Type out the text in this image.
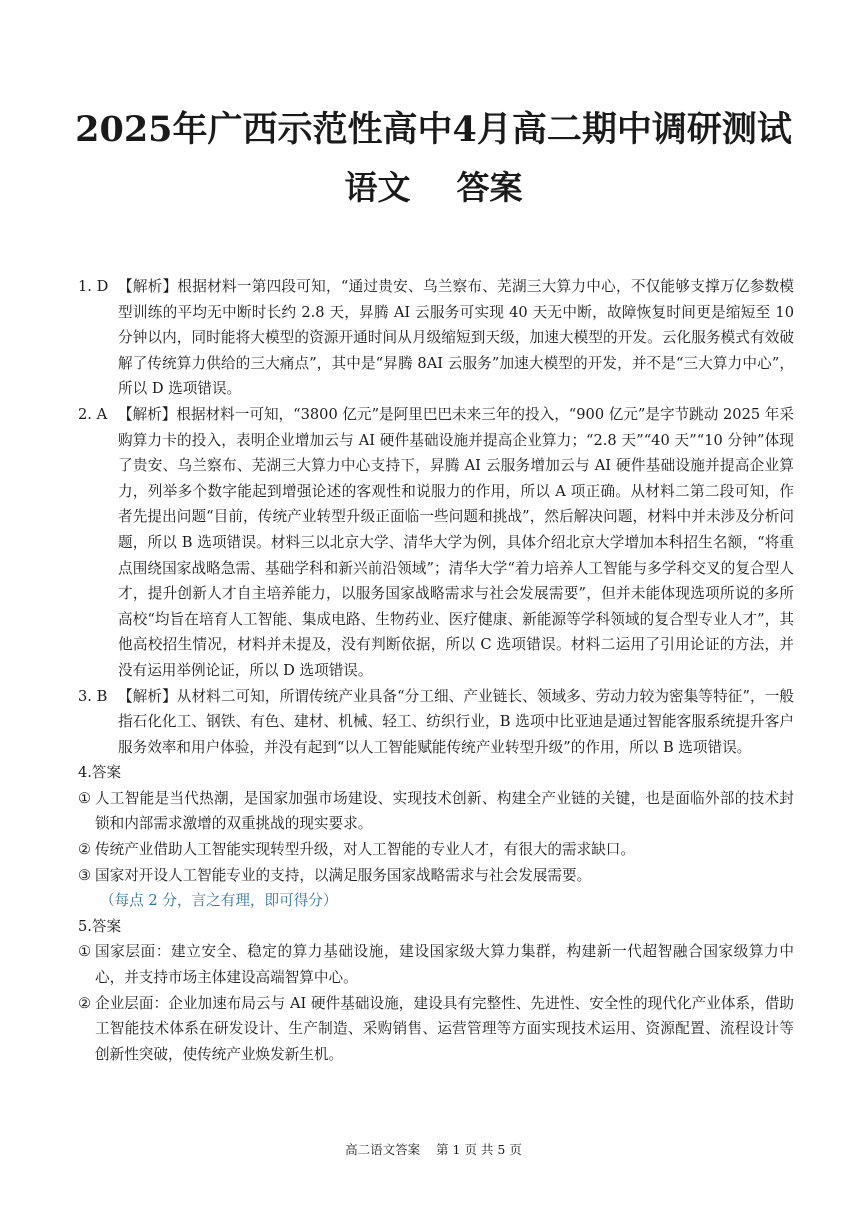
2025年广西示范性高中4月高二期中调研测试
语文    答案

1. D 【解析】根据材料一第四段可知，“通过贵安、乌兰察布、芜湖三大算力中心，不仅能够支撑万亿参数模型训练的平均无中断时长约 2.8 天，昇腾 AI 云服务可实现 40 天无中断，故障恢复时间更是缩短至 10 分钟以内，同时能将大模型的资源开通时间从月级缩短到天级，加速大模型的开发。云化服务模式有效破解了传统算力供给的三大痛点”，其中是“昇腾 8AI 云服务”加速大模型的开发，并不是“三大算力中心”，所以 D 选项错误。

2. A 【解析】根据材料一可知，“3800 亿元”是阿里巴巴未来三年的投入，“900 亿元”是字节跳动 2025 年采购算力卡的投入，表明企业增加云与 AI 硬件基础设施并提高企业算力；“2.8 天”“40 天”“10 分钟”体现了贵安、乌兰察布、芜湖三大算力中心支持下，昇腾 AI 云服务增加云与 AI 硬件基础设施并提高企业算力，列举多个数字能起到增强论述的客观性和说服力的作用，所以 A 项正确。从材料二第二段可知，作者先提出问题“目前，传统产业转型升级正面临一些问题和挑战”，然后解决问题，材料中并未涉及分析问题，所以 B 选项错误。材料三以北京大学、清华大学为例，具体介绍北京大学增加本科招生名额，“将重点围绕国家战略急需、基础学科和新兴前沿领域”；清华大学“着力培养人工智能与多学科交叉的复合型人才，提升创新人才自主培养能力，以服务国家战略需求与社会发展需要”，但并未能体现选项所说的多所高校“均旨在培育人工智能、集成电路、生物药业、医疗健康、新能源等学科领域的复合型专业人才”，其他高校招生情况，材料并未提及，没有判断依据，所以 C 选项错误。材料二运用了引用论证的方法，并没有运用举例论证，所以 D 选项错误。

3. B 【解析】从材料二可知，所谓传统产业具备“分工细、产业链长、领域多、劳动力较为密集等特征”，一般指石化化工、钢铁、有色、建材、机械、轻工、纺织行业，B 选项中比亚迪是通过智能客服系统提升客户服务效率和用户体验，并没有起到“以人工智能赋能传统产业转型升级”的作用，所以 B 选项错误。

4.答案

① 人工智能是当代热潮，是国家加强市场建设、实现技术创新、构建全产业链的关键，也是面临外部的技术封锁和内部需求激增的双重挑战的现实要求。

② 传统产业借助人工智能实现转型升级，对人工智能的专业人才，有很大的需求缺口。

③ 国家对开设人工智能专业的支持，以满足服务国家战略需求与社会发展需要。

（每点 2 分，言之有理，即可得分）

5.答案

① 国家层面：建立安全、稳定的算力基础设施，建设国家级大算力集群，构建新一代超智融合国家级算力中心，并支持市场主体建设高端智算中心。

② 企业层面：企业加速布局云与 AI 硬件基础设施，建设具有完整性、先进性、安全性的现代化产业体系，借助工智能技术体系在研发设计、生产制造、采购销售、运营管理等方面实现技术运用、资源配置、流程设计等创新性突破，使传统产业焕发新生机。

高二语文答案    第 1 页 共 5 页
